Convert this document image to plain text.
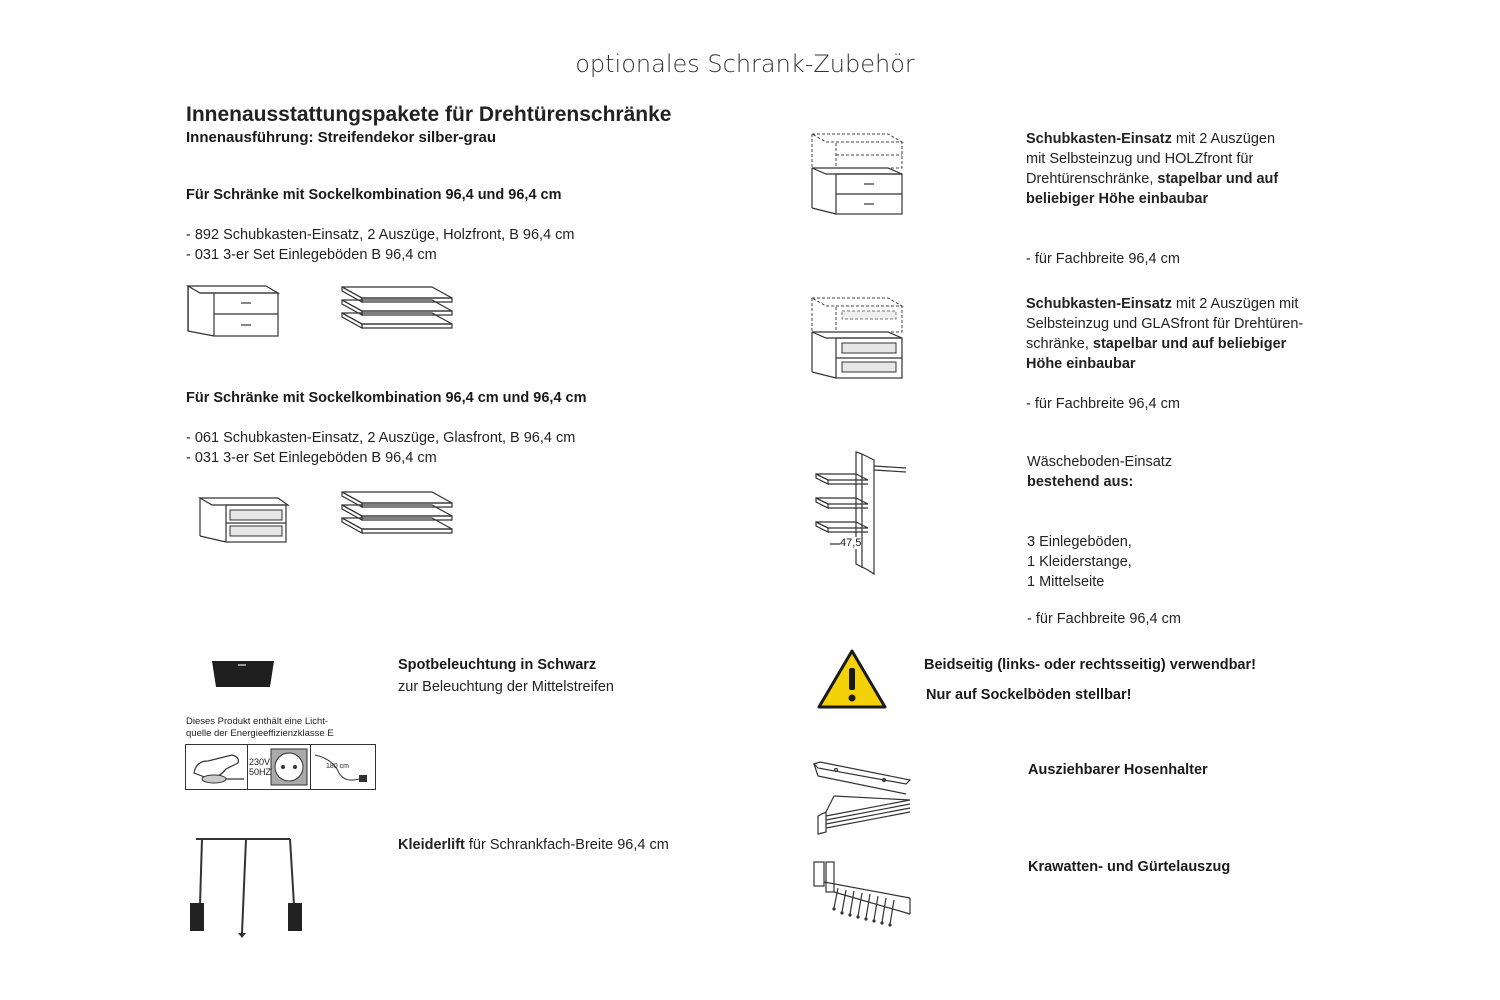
optionales Schrank-Zubehör
Innenausstattungspakete für Drehtürenschränke
Innenausführung: Streifendekor silber-grau
Für Schränke mit Sockelkombination 96,4 und 96,4 cm
- 892 Schubkasten-Einsatz, 2 Auszüge, Holzfront, B 96,4 cm
- 031 3-er Set Einlegeböden B 96,4 cm
Für Schränke mit Sockelkombination 96,4 cm und 96,4 cm
- 061 Schubkasten-Einsatz, 2 Auszüge, Glasfront, B 96,4 cm
- 031 3-er Set Einlegeböden B 96,4 cm
Spotbeleuchtung in Schwarz
zur Beleuchtung der Mittelstreifen
Dieses Produkt enthält eine Licht-
quelle der Energieeffizienzklasse E
230V
50HZ
180 cm
Kleiderlift für Schrankfach-Breite 96,4 cm
Schubkasten-Einsatz mit 2 Auszügen
mit Selbsteinzug und HOLZfront für
Drehtürenschränke, stapelbar und auf
beliebiger Höhe einbaubar
- für Fachbreite 96,4 cm
Schubkasten-Einsatz mit 2 Auszügen mit
Selbsteinzug und GLASfront für Drehtüren-
schränke, stapelbar und auf beliebiger
Höhe einbaubar
- für Fachbreite 96,4 cm
47,5
Wäscheboden-Einsatz
bestehend aus:
3 Einlegeböden,
1 Kleiderstange,
1 Mittelseite
- für Fachbreite 96,4 cm
Beidseitig (links- oder rechtsseitig) verwendbar!
Nur auf Sockelböden stellbar!
Ausziehbarer Hosenhalter
Krawatten- und Gürtelauszug
